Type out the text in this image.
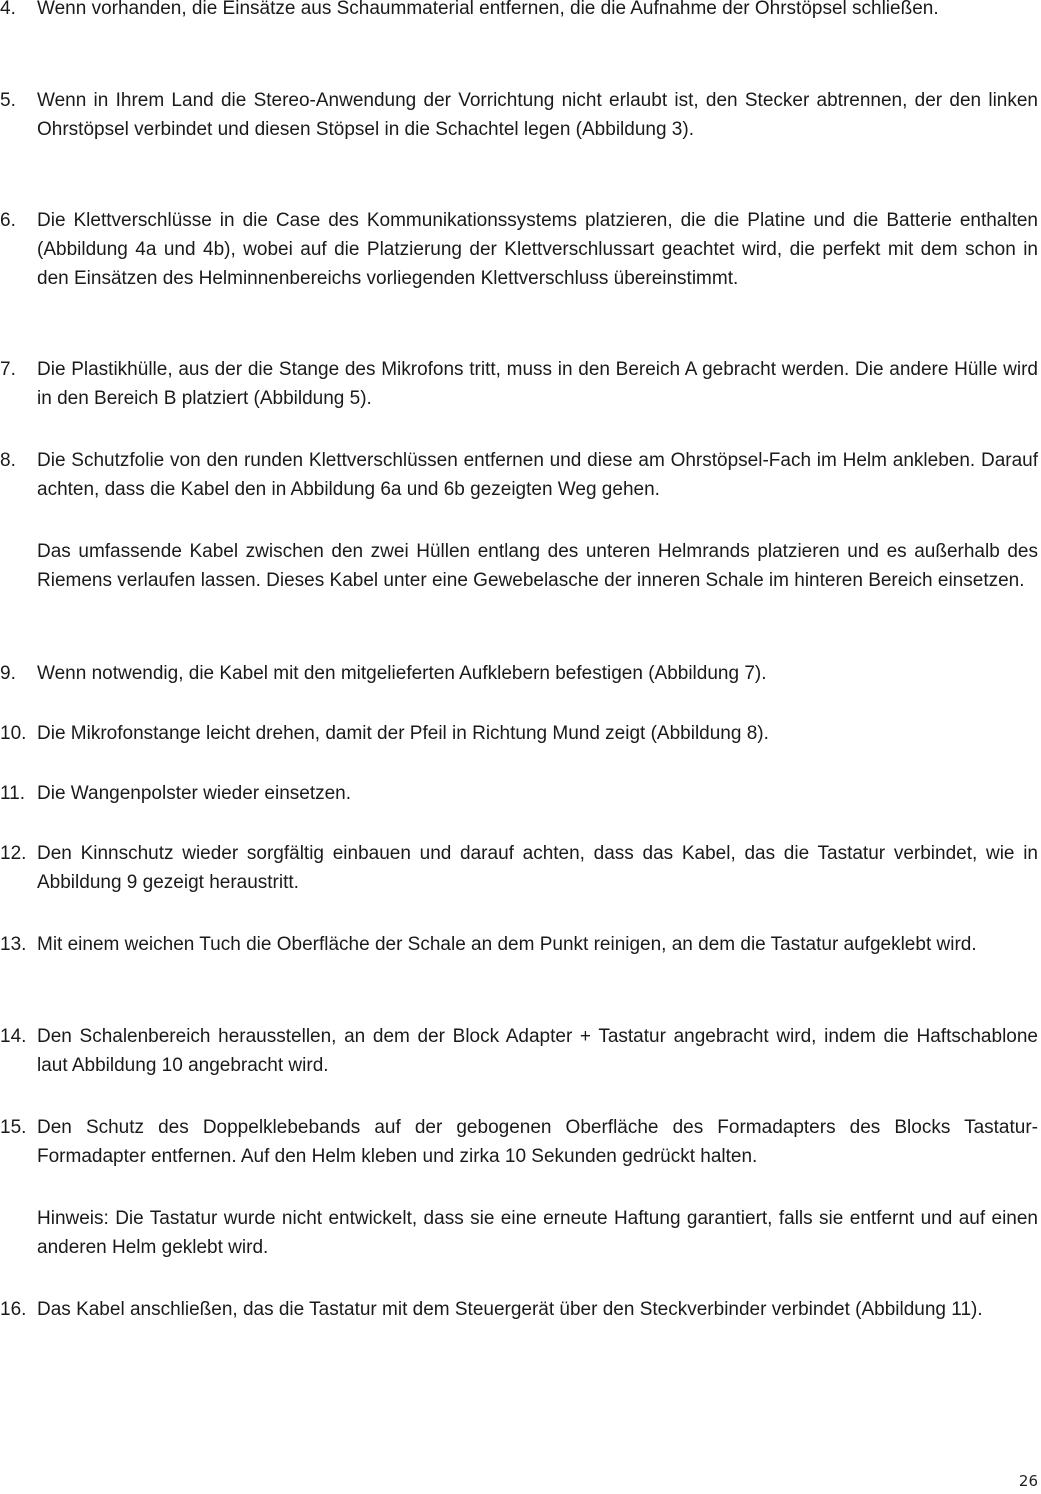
4. Wenn vorhanden, die Einsätze aus Schaummaterial entfernen, die die Aufnahme der Ohrstöpsel schließen.

5. Wenn in Ihrem Land die Stereo-Anwendung der Vorrichtung nicht erlaubt ist, den Stecker abtrennen, der den linken Ohrstöpsel verbindet und diesen Stöpsel in die Schachtel legen (Abbildung 3).

6. Die Klettverschlüsse in die Case des Kommunikationssystems platzieren, die die Platine und die Batterie enthalten (Abbildung 4a und 4b), wobei auf die Platzierung der Klettverschlussart geachtet wird, die perfekt mit dem schon in den Einsätzen des Helminnenbereichs vorliegenden Klettverschluss übereinstimmt.

7. Die Plastikhülle, aus der die Stange des Mikrofons tritt, muss in den Bereich A gebracht werden. Die andere Hülle wird in den Bereich B platziert (Abbildung 5).

8. Die Schutzfolie von den runden Klettverschlüssen entfernen und diese am Ohrstöpsel-Fach im Helm ankleben. Darauf achten, dass die Kabel den in Abbildung 6a und 6b gezeigten Weg gehen.

Das umfassende Kabel zwischen den zwei Hüllen entlang des unteren Helmrands platzieren und es außerhalb des Riemens verlaufen lassen. Dieses Kabel unter eine Gewebelasche der inneren Schale im hinteren Bereich einsetzen.

9. Wenn notwendig, die Kabel mit den mitgelieferten Aufklebern befestigen (Abbildung 7).

10. Die Mikrofonstange leicht drehen, damit der Pfeil in Richtung Mund zeigt (Abbildung 8).

11. Die Wangenpolster wieder einsetzen.

12. Den Kinnschutz wieder sorgfältig einbauen und darauf achten, dass das Kabel, das die Tastatur verbindet, wie in Abbildung 9 gezeigt heraustritt.

13. Mit einem weichen Tuch die Oberfläche der Schale an dem Punkt reinigen, an dem die Tastatur aufgeklebt wird.

14. Den Schalenbereich herausstellen, an dem der Block Adapter + Tastatur angebracht wird, indem die Haftschablone laut Abbildung 10 angebracht wird.

15. Den Schutz des Doppelklebebands auf der gebogenen Oberfläche des Formadapters des Blocks Tastatur-Formadapter entfernen. Auf den Helm kleben und zirka 10 Sekunden gedrückt halten.

Hinweis: Die Tastatur wurde nicht entwickelt, dass sie eine erneute Haftung garantiert, falls sie entfernt und auf einen anderen Helm geklebt wird.

16. Das Kabel anschließen, das die Tastatur mit dem Steuergerät über den Steckverbinder verbindet (Abbildung 11).

26
